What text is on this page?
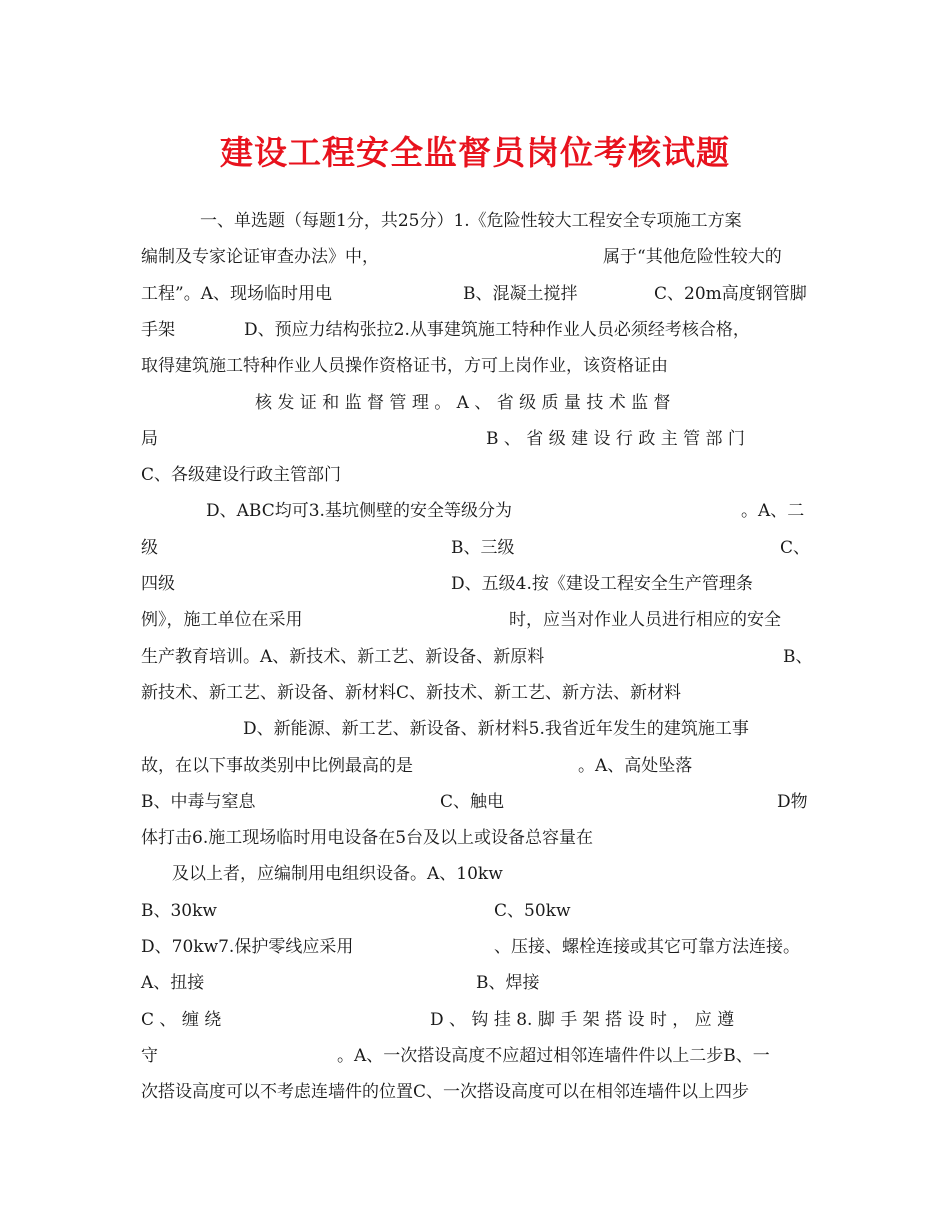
建设工程安全监督员岗位考核试题
一、单选题（每题1分，共25分）1.《危险性较大工程安全专项施工方案
编制及专家论证审查办法》中，	属于“其他危险性较大的
工程”。A、现场临时用电	B、混凝土搅拌	C、20m高度钢管脚
手架	D、预应力结构张拉2.从事建筑施工特种作业人员必须经考核合格，
取得建筑施工特种作业人员操作资格证书，方可上岗作业，该资格证由
核 发 证 和 监 督 管 理 。 A 、 省 级 质 量 技 术 监 督
局	B 、 省 级 建 设 行 政 主 管 部 门
C、各级建设行政主管部门
D、ABC均可3.基坑侧壁的安全等级分为	。A、二
级	B、三级	C、
四级	D、五级4.按《建设工程安全生产管理条
例》，施工单位在采用	时，应当对作业人员进行相应的安全
生产教育培训。A、新技术、新工艺、新设备、新原料	B、
新技术、新工艺、新设备、新材料C、新技术、新工艺、新方法、新材料
D、新能源、新工艺、新设备、新材料5.我省近年发生的建筑施工事
故，在以下事故类别中比例最高的是	。A、高处坠落
B、中毒与窒息	C、触电	D物
体打击6.施工现场临时用电设备在5台及以上或设备总容量在
及以上者，应编制用电组织设备。A、10kw
B、30kw	C、50kw
D、70kw7.保护零线应采用	、压接、螺栓连接或其它可靠方法连接。
A、扭接	B、焊接
C 、 缠 绕	D 、 钩 挂 8. 脚 手 架 搭 设 时 ， 应 遵
守	。A、一次搭设高度不应超过相邻连墙件件以上二步B、一
次搭设高度可以不考虑连墙件的位置C、一次搭设高度可以在相邻连墙件以上四步
